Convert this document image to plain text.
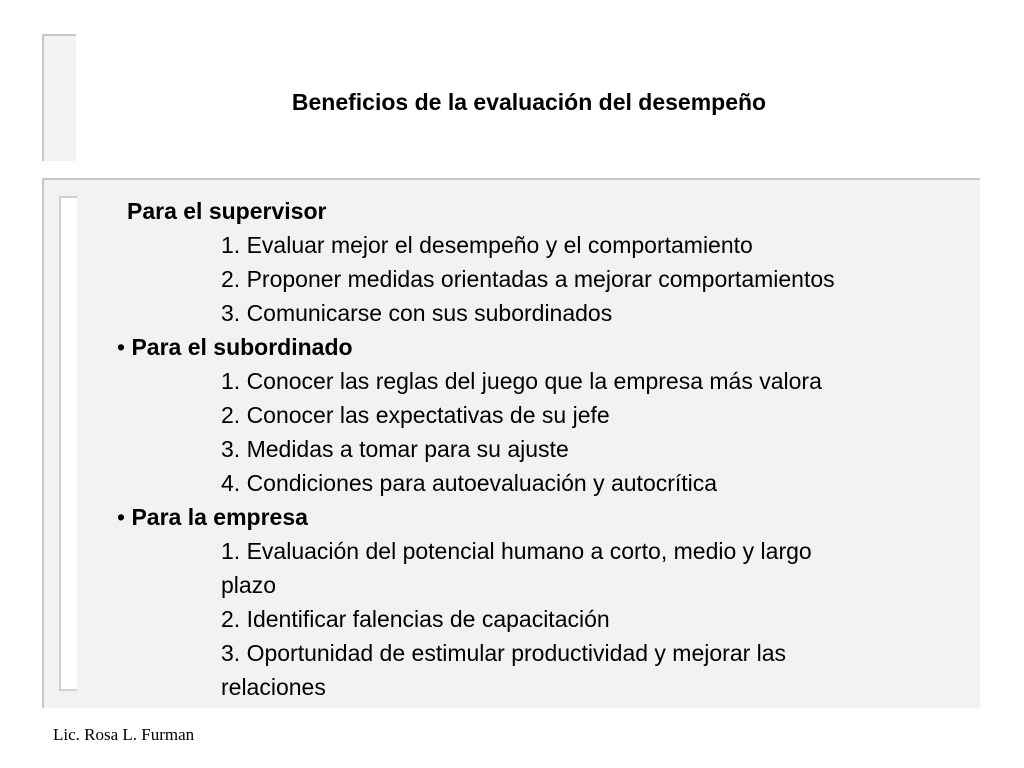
Beneficios de la evaluación del desempeño
Para el supervisor
1. Evaluar mejor el desempeño y el comportamiento
2. Proponer medidas orientadas a mejorar comportamientos
3. Comunicarse con sus subordinados
• Para el subordinado
1. Conocer las reglas del juego que la empresa más valora
2. Conocer las expectativas de su jefe
3. Medidas a tomar para su ajuste
4. Condiciones para autoevaluación y autocrítica
• Para la empresa
1. Evaluación del potencial humano a corto, medio y largo
plazo
2. Identificar falencias de capacitación
3. Oportunidad de estimular productividad y mejorar las
relaciones
Lic. Rosa L. Furman
